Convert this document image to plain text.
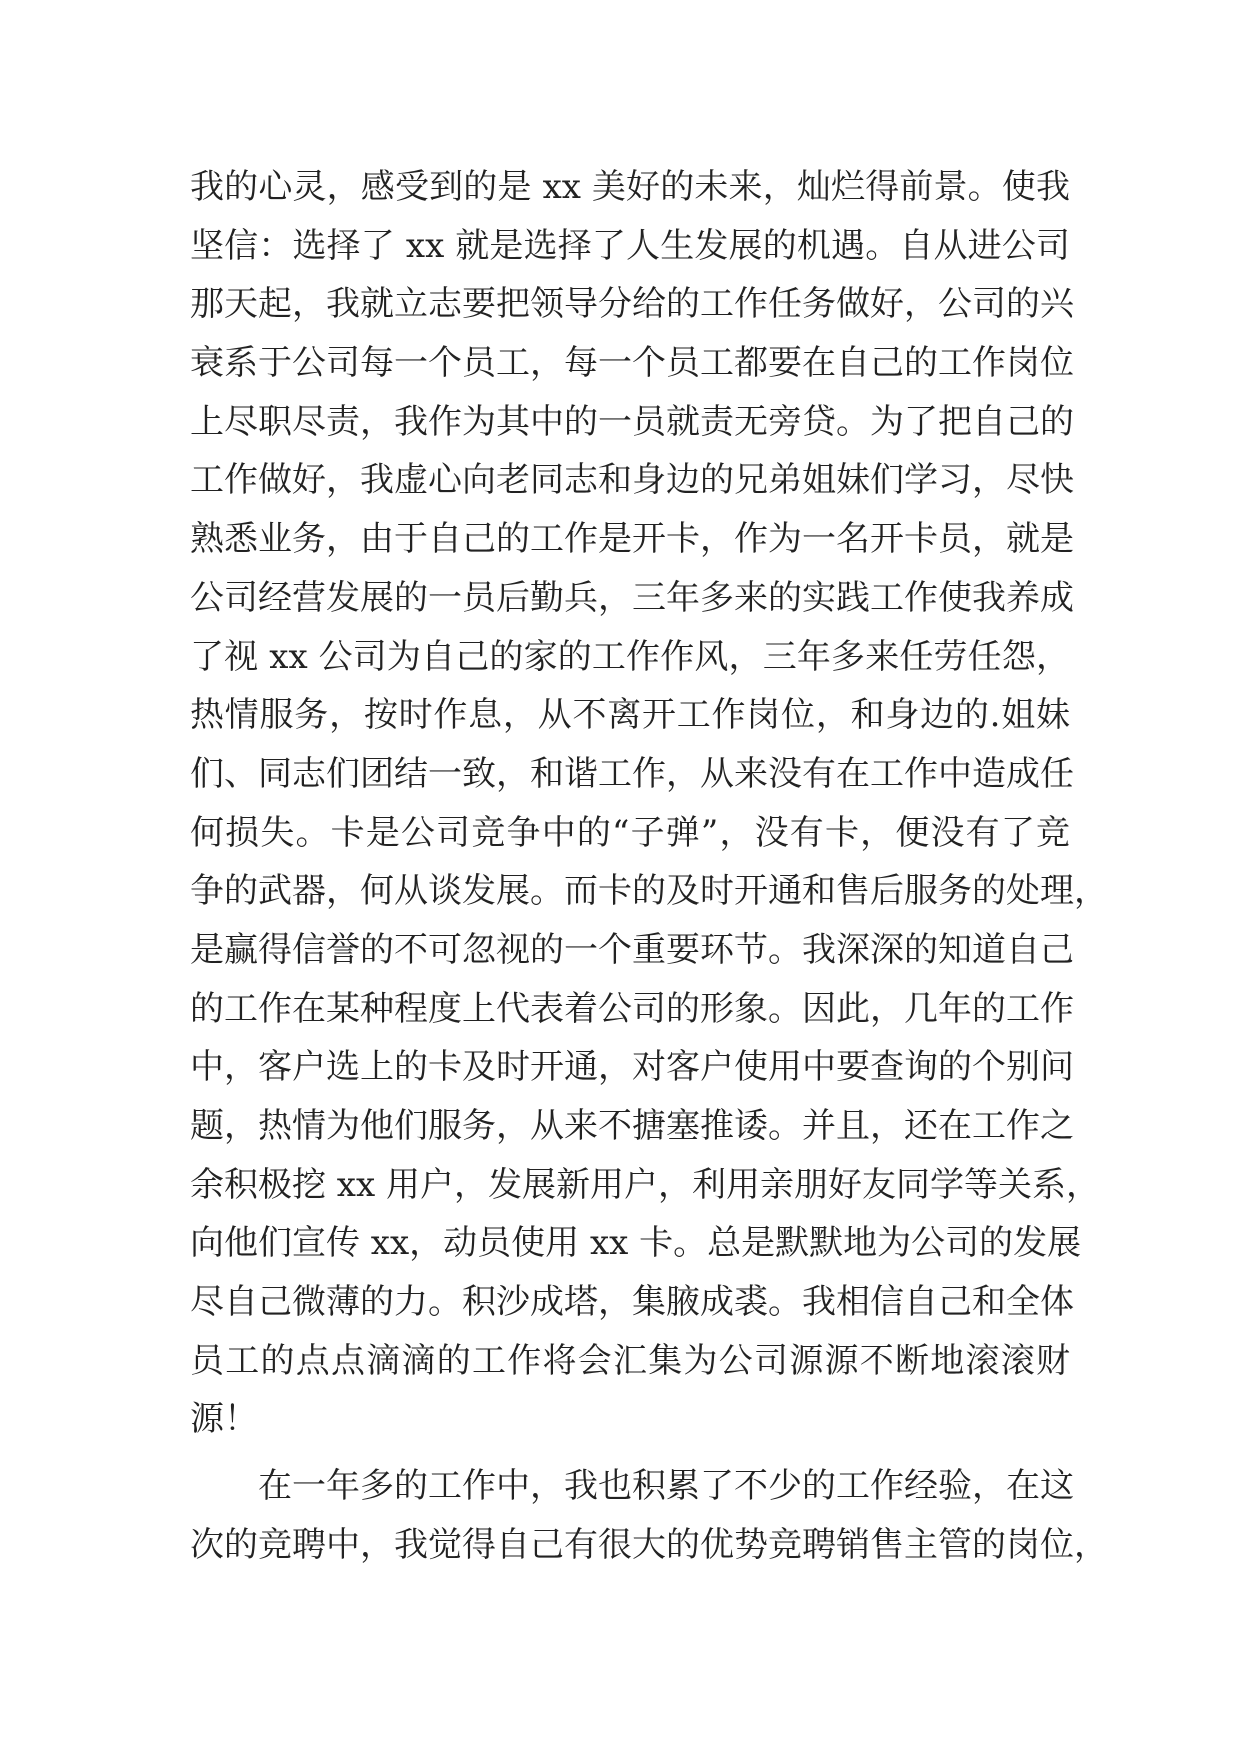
我的心灵，感受到的是 xx 美好的未来，灿烂得前景。使我
坚信：选择了 xx 就是选择了人生发展的机遇。自从进公司
那天起，我就立志要把领导分给的工作任务做好，公司的兴
衰系于公司每一个员工，每一个员工都要在自己的工作岗位
上尽职尽责，我作为其中的一员就责无旁贷。为了把自己的
工作做好，我虚心向老同志和身边的兄弟姐妹们学习，尽快
熟悉业务，由于自己的工作是开卡，作为一名开卡员，就是
公司经营发展的一员后勤兵，三年多来的实践工作使我养成
了视 xx 公司为自己的家的工作作风，三年多来任劳任怨，
热情服务，按时作息，从不离开工作岗位，和身边的.姐妹
们、同志们团结一致，和谐工作，从来没有在工作中造成任
何损失。卡是公司竞争中的“子弹”，没有卡，便没有了竞
争的武器，何从谈发展。而卡的及时开通和售后服务的处理，
是赢得信誉的不可忽视的一个重要环节。我深深的知道自己
的工作在某种程度上代表着公司的形象。因此，几年的工作
中，客户选上的卡及时开通，对客户使用中要查询的个别问
题，热情为他们服务，从来不搪塞推诿。并且，还在工作之
余积极挖 xx 用户，发展新用户，利用亲朋好友同学等关系，
向他们宣传 xx，动员使用 xx 卡。总是默默地为公司的发展
尽自己微薄的力。积沙成塔，集腋成裘。我相信自己和全体
员工的点点滴滴的工作将会汇集为公司源源不断地滚滚财
源！
在一年多的工作中，我也积累了不少的工作经验，在这
次的竞聘中，我觉得自己有很大的优势竞聘销售主管的岗位，
